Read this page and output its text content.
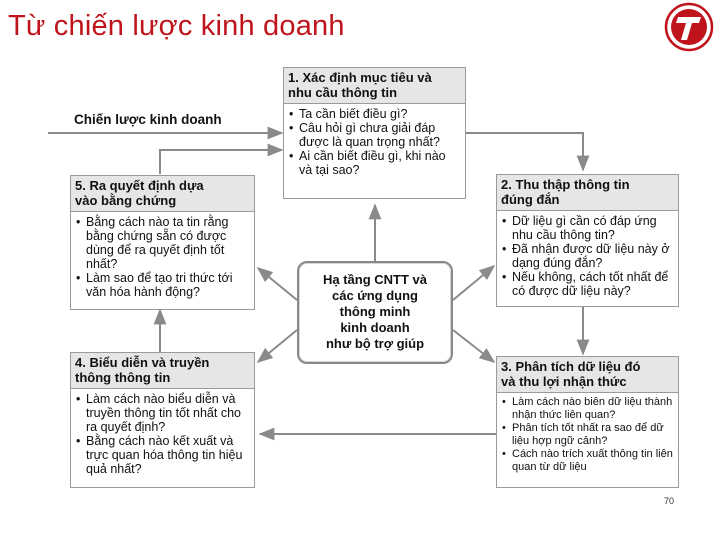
Từ chiến lược kinh doanh
Chiến lược kinh doanh
1. Xác định mục tiêu và
nhu cầu thông tin
• Ta cần biết điều gì?
• Câu hỏi gì chưa giải đáp được là quan trọng nhất?
• Ai cần biết điều gì, khi nào và tại sao?
2. Thu thập thông tin
đúng đắn
• Dữ liệu gì cần có đáp ứng nhu cầu thông tin?
• Đã nhận được dữ liệu này ở dạng đúng đắn?
• Nếu không, cách tốt nhất để có được dữ liệu này?
3. Phân tích dữ liệu đó
và thu lợi nhận thức
• Làm cách nào biên dữ liệu thành nhận thức liên quan?
• Phân tích tốt nhất ra sao để dữ liệu hợp ngữ cảnh?
• Cách nào trích xuất thông tin liên quan từ dữ liệu
4. Biểu diễn và truyền
thông thông tin
• Làm cách nào biểu diễn và truyền thông tin tốt nhất cho ra quyết định?
• Bằng cách nào kết xuất và trực quan hóa thông tin hiệu quả nhất?
5. Ra quyết định dựa
vào bằng chứng
• Bằng cách nào ta tin rằng bằng chứng sẵn có được dùng để ra quyết định tốt nhất?
• Làm sao để tạo tri thức tới văn hóa hành động?
Hạ tầng CNTT và
các ứng dụng
thông minh
kinh doanh
như bộ trợ giúp
70
